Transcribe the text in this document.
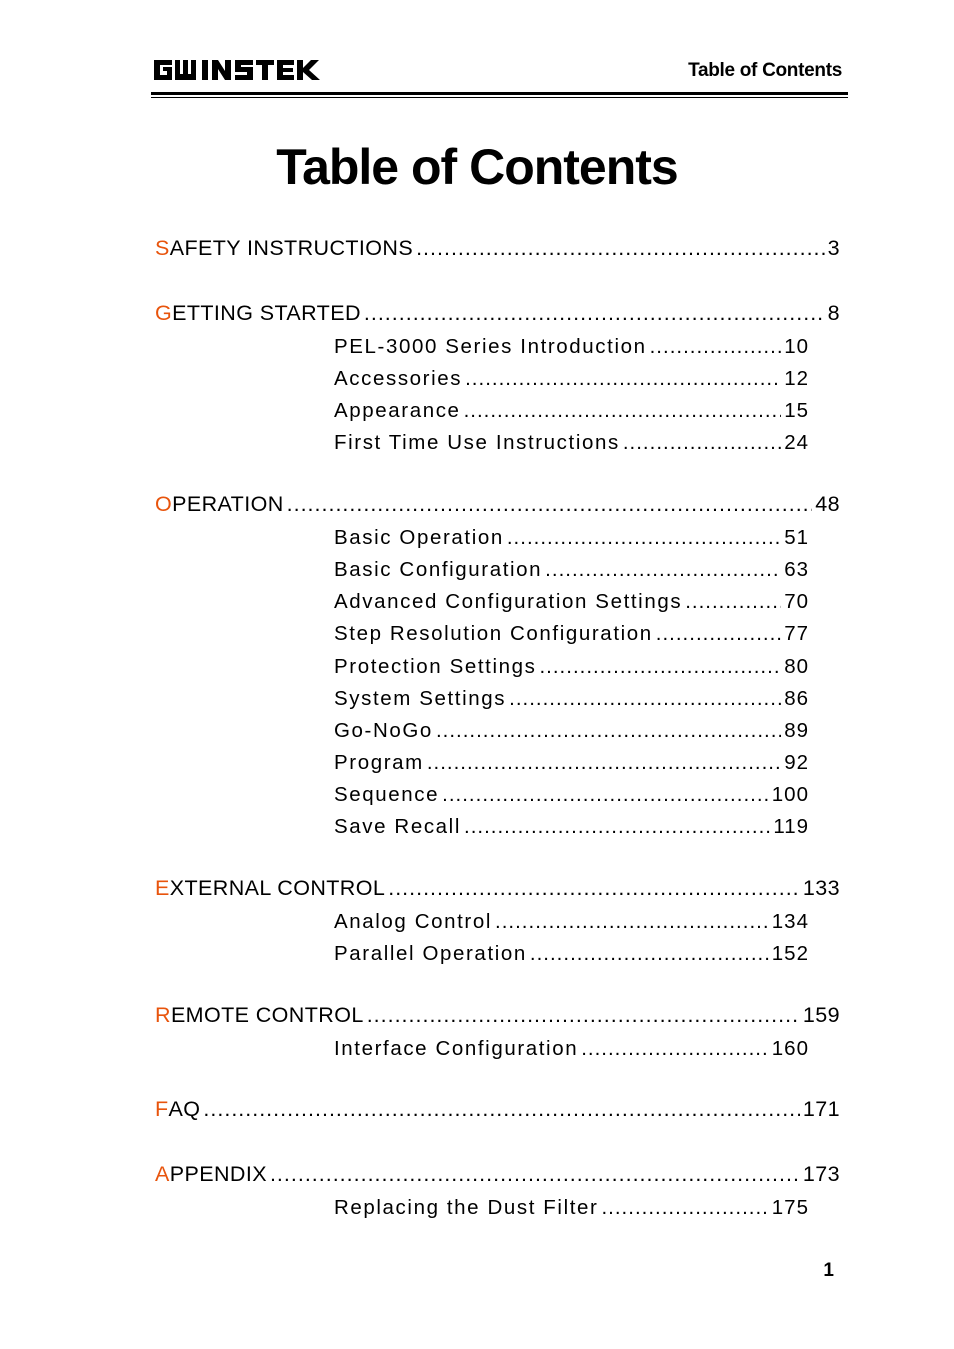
Table of Contents
Table of Contents
S AFETY INSTRUCTIONS .....	3
G ETTING STARTED .....	8
PEL-3000 Series Introduction .....	10
Accessories .....	12
Appearance .....	15
First Time Use Instructions .....	24
O PERATION .....	48
Basic Operation .....	51
Basic Configuration .....	63
Advanced Configuration Settings .....	70
Step Resolution Configuration .....	77
Protection Settings .....	80
System Settings .....	86
Go-NoGo .....	89
Program .....	92
Sequence .....	100
Save Recall .....	119
E XTERNAL CONTROL .....	133
Analog Control .....	134
Parallel Operation .....	152
R EMOTE CONTROL .....	159
Interface Configuration .....	160
F AQ .....	171
A PPENDIX .....	173
Replacing the Dust Filter .....	175
1
